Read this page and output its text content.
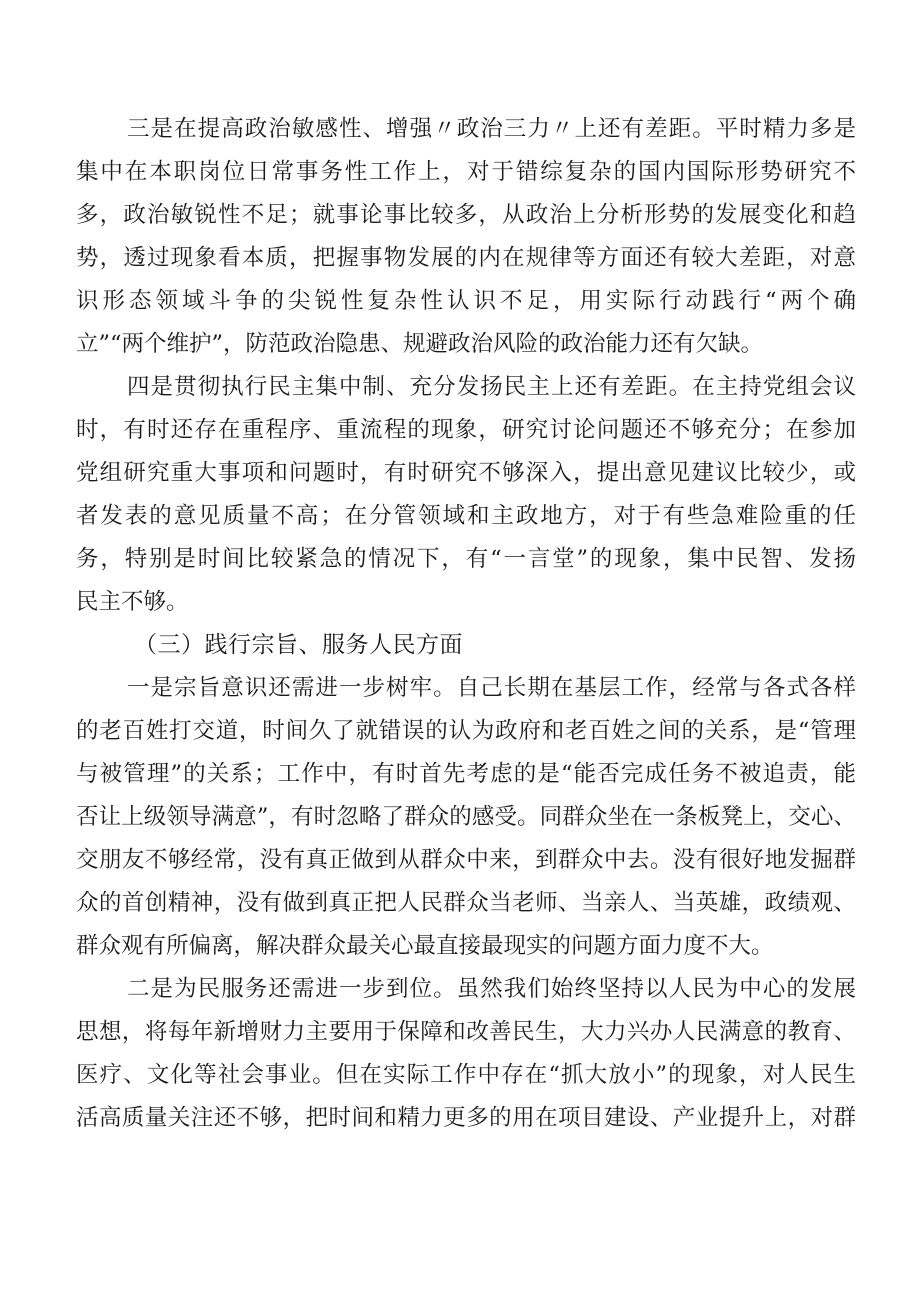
三是在提高政治敏感性、增强〃政治三力〃上还有差距。平时精力多是
集中在本职岗位日常事务性工作上，对于错综复杂的国内国际形势研究不
多，政治敏锐性不足；就事论事比较多，从政治上分析形势的发展变化和趋
势，透过现象看本质，把握事物发展的内在规律等方面还有较大差距，对意
识形态领域斗争的尖锐性复杂性认识不足，用实际行动践行“两个确
立”“两个维护”，防范政治隐患、规避政治风险的政治能力还有欠缺。
四是贯彻执行民主集中制、充分发扬民主上还有差距。在主持党组会议
时，有时还存在重程序、重流程的现象，研究讨论问题还不够充分；在参加
党组研究重大事项和问题时，有时研究不够深入，提出意见建议比较少，或
者发表的意见质量不高；在分管领域和主政地方，对于有些急难险重的任
务，特别是时间比较紧急的情况下，有“一言堂”的现象，集中民智、发扬
民主不够。
（三）践行宗旨、服务人民方面
一是宗旨意识还需进一步树牢。自己长期在基层工作，经常与各式各样
的老百姓打交道，时间久了就错误的认为政府和老百姓之间的关系，是“管理
与被管理”的关系；工作中，有时首先考虑的是“能否完成任务不被追责，能
否让上级领导满意”，有时忽略了群众的感受。同群众坐在一条板凳上，交心、
交朋友不够经常，没有真正做到从群众中来，到群众中去。没有很好地发掘群
众的首创精神，没有做到真正把人民群众当老师、当亲人、当英雄，政绩观、
群众观有所偏离，解决群众最关心最直接最现实的问题方面力度不大。
二是为民服务还需进一步到位。虽然我们始终坚持以人民为中心的发展
思想，将每年新增财力主要用于保障和改善民生，大力兴办人民满意的教育、
医疗、文化等社会事业。但在实际工作中存在“抓大放小”的现象，对人民生
活高质量关注还不够，把时间和精力更多的用在项目建设、产业提升上，对群
